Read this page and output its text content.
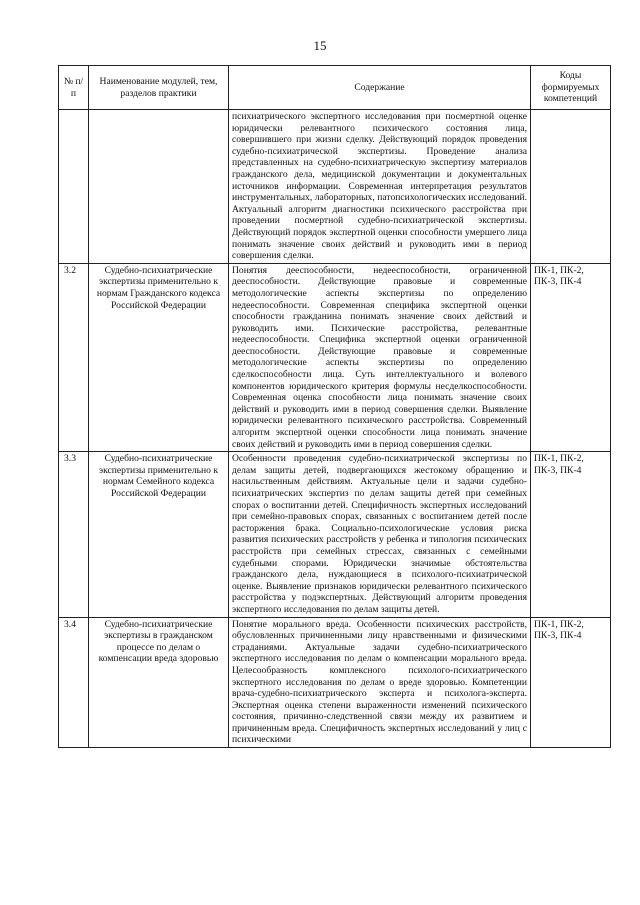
15
№ п/п	Наименование модулей, тем, разделов практики	Содержание	Коды формируемых компетенций
		психиатрического экспертного исследования при посмертной оценке юридически релевантного психического состояния лица, совершившего при жизни сделку. Действующий порядок проведения судебно-психиатрической экспертизы. Проведение анализа представленных на судебно-психиатрическую экспертизу материалов гражданского дела, медицинской документации и документальных источников информации. Современная интерпретация результатов инструментальных, лабораторных, патопсихологических исследований. Актуальный алгоритм диагностики психического расстройства при проведении посмертной судебно-психиатрической экспертизы. Действующий порядок экспертной оценки способности умершего лица понимать значение своих действий и руководить ими в период совершения сделки.	
3.2	Судебно-психиатрические экспертизы применительно к нормам Гражданского кодекса Российской Федерации	Понятия дееспособности, недееспособности, ограниченной дееспособности. Действующие правовые и современные методологические аспекты экспертизы по определению недееспособности. Современная специфика экспертной оценки способности гражданина понимать значение своих действий и руководить ими. Психические расстройства, релевантные недееспособности. Специфика экспертной оценки ограниченной дееспособности. Действующие правовые и современные методологические аспекты экспертизы по определению сделкоспособности лица. Суть интеллектуального и волевого компонентов юридического критерия формулы несделкоспособности. Современная оценка способности лица понимать значение своих действий и руководить ими в период совершения сделки. Выявление юридически релевантного психического расстройства. Современный алгоритм экспертной оценки способности лица понимать значение своих действий и руководить ими в период совершения сделки.	ПК-1, ПК-2, ПК-3, ПК-4
3.3	Судебно-психиатрические экспертизы применительно к нормам Семейного кодекса Российской Федерации	Особенности проведения судебно-психиатрической экспертизы по делам защиты детей, подвергающихся жестокому обращению и насильственным действиям. Актуальные цели и задачи судебно-психиатрических экспертиз по делам защиты детей при семейных спорах о воспитании детей. Специфичность экспертных исследований при семейно-правовых спорах, связанных с воспитанием детей после расторжения брака. Социально-психологические условия риска развития психических расстройств у ребенка и типология психических расстройств при семейных стрессах, связанных с семейными судебными спорами. Юридически значимые обстоятельства гражданского дела, нуждающиеся в психолого-психиатрической оценке. Выявление признаков юридически релевантного психического расстройства у подэкспертных. Действующий алгоритм проведения экспертного исследования по делам защиты детей.	ПК-1, ПК-2, ПК-3, ПК-4
3.4	Судебно-психиатрические экспертизы в гражданском процессе по делам о компенсации вреда здоровью	Понятие морального вреда. Особенности психических расстройств, обусловленных причиненными лицу нравственными и физическими страданиями. Актуальные задачи судебно-психиатрического экспертного исследования по делам о компенсации морального вреда. Целесообразность комплексного психолого-психиатрического экспертного исследования по делам о вреде здоровью. Компетенции врача-судебно-психиатрического эксперта и психолога-эксперта. Экспертная оценка степени выраженности изменений психического состояния, причинно-следственной связи между их развитием и причиненным вреда. Специфичность экспертных исследований у лиц с психическими	ПК-1, ПК-2, ПК-3, ПК-4
